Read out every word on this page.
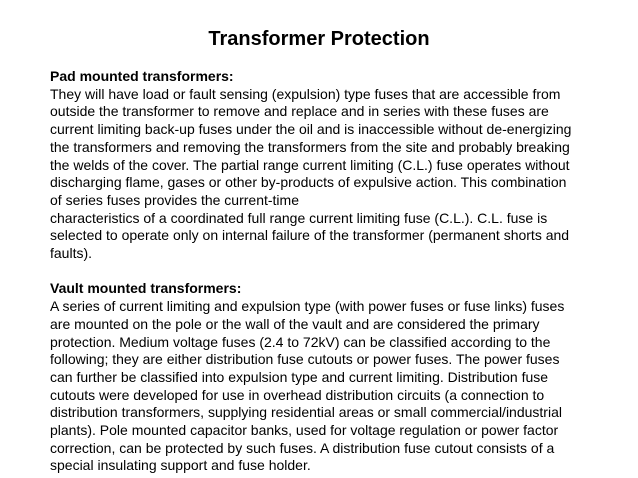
Transformer Protection
Pad mounted transformers:
They will have load or fault sensing (expulsion) type fuses that are accessible from
outside the transformer to remove and replace and in series with these fuses are
current limiting back-up fuses under the oil and is inaccessible without de-energizing
the transformers and removing the transformers from the site and probably breaking
the welds of the cover. The partial range current limiting (C.L.) fuse operates without
discharging flame, gases or other by-products of expulsive action. This combination
of series fuses provides the current-time
characteristics of a coordinated full range current limiting fuse (C.L.). C.L. fuse is
selected to operate only on internal failure of the transformer (permanent shorts and
faults).
Vault mounted transformers:
A series of current limiting and expulsion type (with power fuses or fuse links) fuses
are mounted on the pole or the wall of the vault and are considered the primary
protection. Medium voltage fuses (2.4 to 72kV) can be classified according to the
following; they are either distribution fuse cutouts or power fuses. The power fuses
can further be classified into expulsion type and current limiting. Distribution fuse
cutouts were developed for use in overhead distribution circuits (a connection to
distribution transformers, supplying residential areas or small commercial/industrial
plants). Pole mounted capacitor banks, used for voltage regulation or power factor
correction, can be protected by such fuses. A distribution fuse cutout consists of a
special insulating support and fuse holder.
